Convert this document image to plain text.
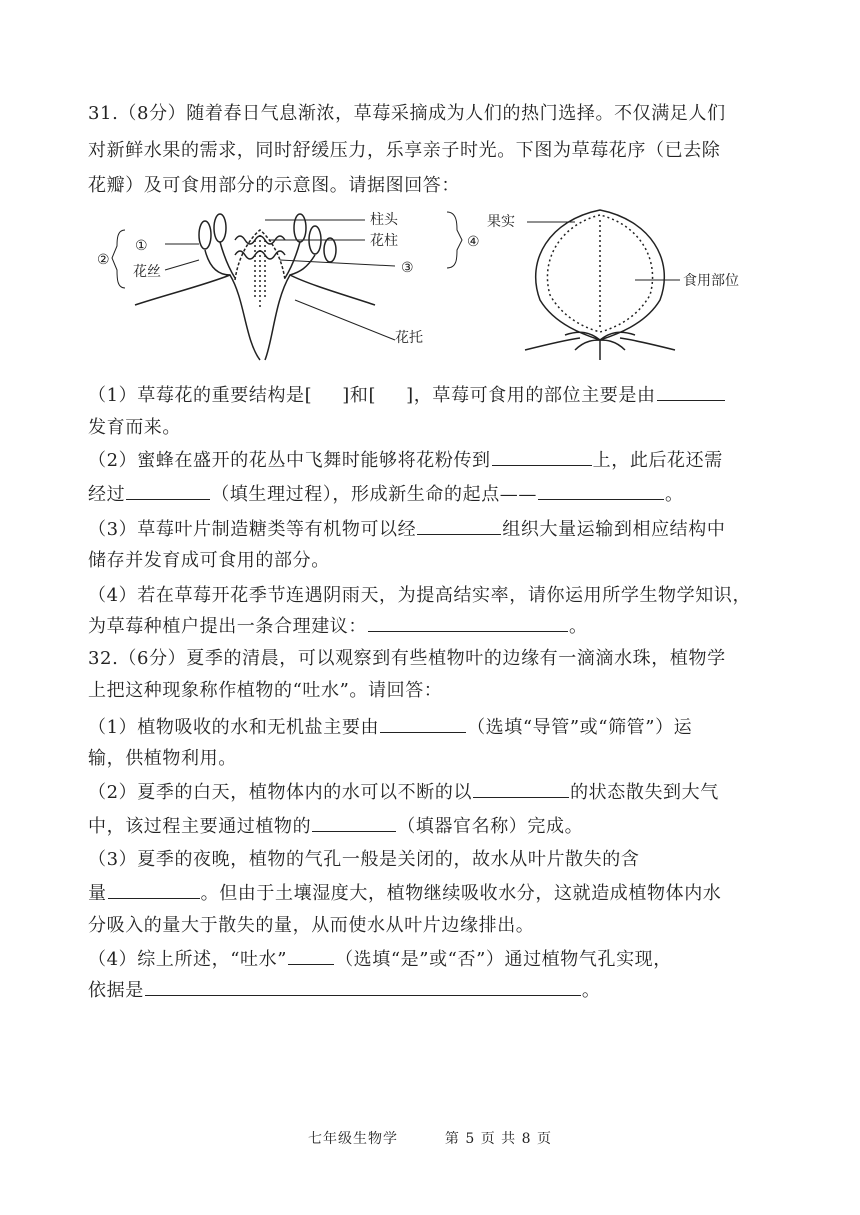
31.（8分）随着春日气息渐浓，草莓采摘成为人们的热门选择。不仅满足人们
对新鲜水果的需求，同时舒缓压力，乐享亲子时光。下图为草莓花序（已去除
花瓣）及可食用部分的示意图。请据图回答：
①
②
花丝
柱头
花柱	④
③
花托
果实
食用部位
（1）草莓花的重要结构是[ ]和[ ]，草莓可食用的部位主要是由
发育而来。
（2）蜜蜂在盛开的花丛中飞舞时能够将花粉传到	上，此后花还需
经过	（填生理过程），形成新生命的起点——	。
（3）草莓叶片制造糖类等有机物可以经	组织大量运输到相应结构中
储存并发育成可食用的部分。
（4）若在草莓开花季节连遇阴雨天，为提高结实率，请你运用所学生物学知识，
为草莓种植户提出一条合理建议：	。
32.（6分）夏季的清晨，可以观察到有些植物叶的边缘有一滴滴水珠，植物学
上把这种现象称作植物的“吐水”。请回答：
（1）植物吸收的水和无机盐主要由	（选填“导管”或“筛管”）运
输，供植物利用。
（2）夏季的白天，植物体内的水可以不断的以	的状态散失到大气
中，该过程主要通过植物的	（填器官名称）完成。
（3）夏季的夜晚，植物的气孔一般是关闭的，故水从叶片散失的含
量	。但由于土壤湿度大，植物继续吸收水分，这就造成植物体内水
分吸入的量大于散失的量，从而使水从叶片边缘排出。
（4）综上所述，“吐水”	（选填“是”或“否”）通过植物气孔实现，
依据是	。
七年级生物学	第 5 页 共 8 页
